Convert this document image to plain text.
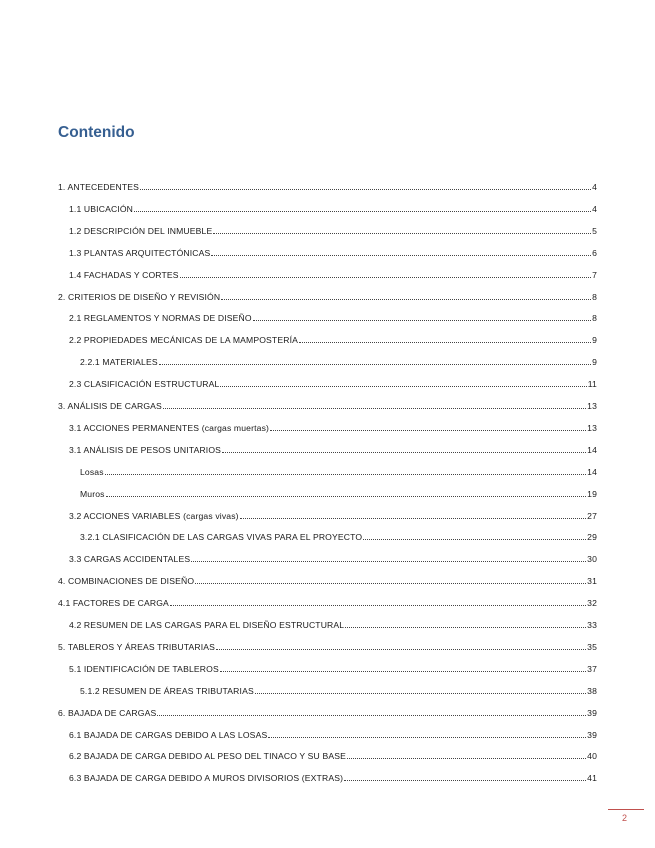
Contenido
1. ANTECEDENTES	4
1.1 UBICACIÓN	4
1.2 DESCRIPCIÓN DEL INMUEBLE	5
1.3 PLANTAS ARQUITECTÓNICAS	6
1.4 FACHADAS Y CORTES	7
2. CRITERIOS DE DISEÑO Y REVISIÓN	8
2.1 REGLAMENTOS Y NORMAS DE DISEÑO	8
2.2 PROPIEDADES MECÁNICAS DE LA MAMPOSTERÍA	9
2.2.1 MATERIALES	9
2.3 CLASIFICACIÓN ESTRUCTURAL	11
3. ANÁLISIS DE CARGAS	13
3.1 ACCIONES PERMANENTES (cargas muertas)	13
3.1 ANÁLISIS DE PESOS UNITARIOS	14
Losas	14
Muros	19
3.2 ACCIONES VARIABLES (cargas vivas)	27
3.2.1 CLASIFICACIÓN DE LAS CARGAS VIVAS PARA EL PROYECTO	29
3.3 CARGAS ACCIDENTALES	30
4. COMBINACIONES DE DISEÑO	31
4.1 FACTORES DE CARGA	32
4.2 RESUMEN DE LAS CARGAS PARA EL DISEÑO ESTRUCTURAL	33
5. TABLEROS Y ÁREAS TRIBUTARIAS	35
5.1 IDENTIFICACIÓN DE TABLEROS	37
5.1.2 RESUMEN DE ÁREAS TRIBUTARIAS	38
6. BAJADA DE CARGAS	39
6.1 BAJADA DE CARGAS DEBIDO A LAS LOSAS	39
6.2 BAJADA DE CARGA DEBIDO AL PESO DEL TINACO Y SU BASE	40
6.3 BAJADA DE CARGA DEBIDO A MUROS DIVISORIOS (EXTRAS)	41
2
